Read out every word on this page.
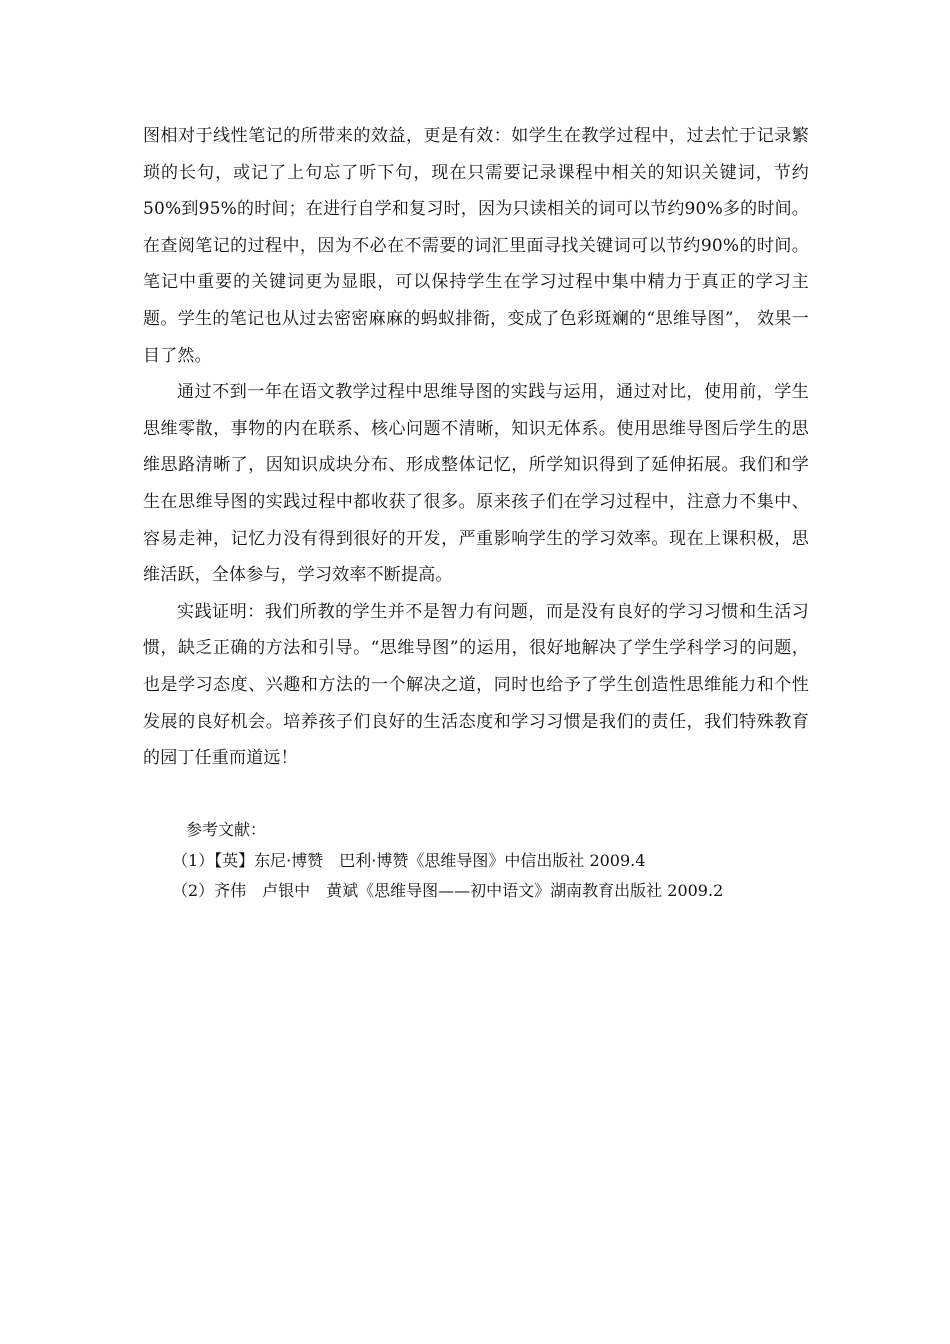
图相对于线性笔记的所带来的效益，更是有效：如学生在教学过程中，过去忙于记录繁琐的长句，或记了上句忘了听下句，现在只需要记录课程中相关的知识关键词，节约50%到95%的时间；在进行自学和复习时，因为只读相关的词可以节约90%多的时间。在查阅笔记的过程中，因为不必在不需要的词汇里面寻找关键词可以节约90%的时间。笔记中重要的关键词更为显眼，可以保持学生在学习过程中集中精力于真正的学习主题。学生的笔记也从过去密密麻麻的蚂蚁排衙，变成了色彩斑斓的“思维导图”， 效果一目了然。

通过不到一年在语文教学过程中思维导图的实践与运用，通过对比，使用前，学生思维零散，事物的内在联系、核心问题不清晰，知识无体系。使用思维导图后学生的思维思路清晰了，因知识成块分布、形成整体记忆，所学知识得到了延伸拓展。我们和学生在思维导图的实践过程中都收获了很多。原来孩子们在学习过程中，注意力不集中、容易走神，记忆力没有得到很好的开发，严重影响学生的学习效率。现在上课积极，思维活跃，全体参与，学习效率不断提高。

实践证明：我们所教的学生并不是智力有问题，而是没有良好的学习习惯和生活习惯，缺乏正确的方法和引导。“思维导图”的运用，很好地解决了学生学科学习的问题，也是学习态度、兴趣和方法的一个解决之道，同时也给予了学生创造性思维能力和个性发展的良好机会。培养孩子们良好的生活态度和学习习惯是我们的责任，我们特殊教育的园丁任重而道远！

参考文献：
（1）【英】东尼·博赞　巴利·博赞《思维导图》中信出版社 2009.4
（2）齐伟　卢银中　黄斌《思维导图——初中语文》湖南教育出版社 2009.2
